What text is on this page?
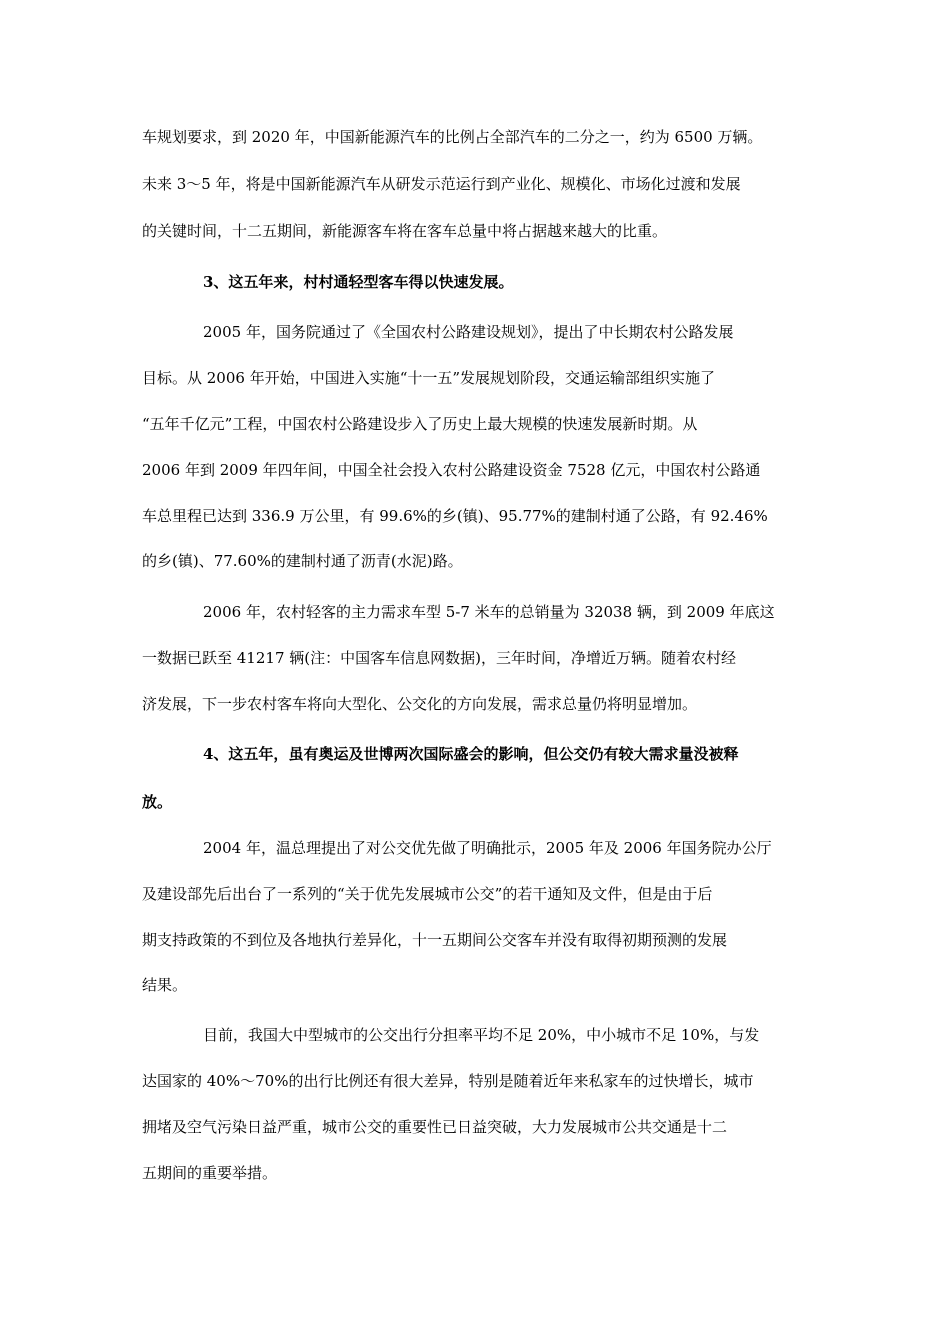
车规划要求，到 2020 年，中国新能源汽车的比例占全部汽车的二分之一，约为 6500 万辆。
未来 3～5 年，将是中国新能源汽车从研发示范运行到产业化、规模化、市场化过渡和发展
的关键时间，十二五期间，新能源客车将在客车总量中将占据越来越大的比重。
3、这五年来，村村通轻型客车得以快速发展。
2005 年，国务院通过了《全国农村公路建设规划》，提出了中长期农村公路发展
目标。从 2006 年开始，中国进入实施“十一五”发展规划阶段，交通运输部组织实施了
“五年千亿元”工程，中国农村公路建设步入了历史上最大规模的快速发展新时期。从
2006 年到 2009 年四年间，中国全社会投入农村公路建设资金 7528 亿元，中国农村公路通
车总里程已达到 336.9 万公里，有 99.6%的乡(镇)、95.77%的建制村通了公路，有 92.46%
的乡(镇)、77.60%的建制村通了沥青(水泥)路。
2006 年，农村轻客的主力需求车型 5-7 米车的总销量为 32038 辆，到 2009 年底这
一数据已跃至 41217 辆(注：中国客车信息网数据)，三年时间，净增近万辆。随着农村经
济发展，下一步农村客车将向大型化、公交化的方向发展，需求总量仍将明显增加。
4、这五年，虽有奥运及世博两次国际盛会的影响，但公交仍有较大需求量没被释
放。
2004 年，温总理提出了对公交优先做了明确批示，2005 年及 2006 年国务院办公厅
及建设部先后出台了一系列的“关于优先发展城市公交”的若干通知及文件，但是由于后
期支持政策的不到位及各地执行差异化，十一五期间公交客车并没有取得初期预测的发展
结果。
目前，我国大中型城市的公交出行分担率平均不足 20%，中小城市不足 10%，与发
达国家的 40%～70%的出行比例还有很大差异，特别是随着近年来私家车的过快增长，城市
拥堵及空气污染日益严重，城市公交的重要性已日益突破，大力发展城市公共交通是十二
五期间的重要举措。
